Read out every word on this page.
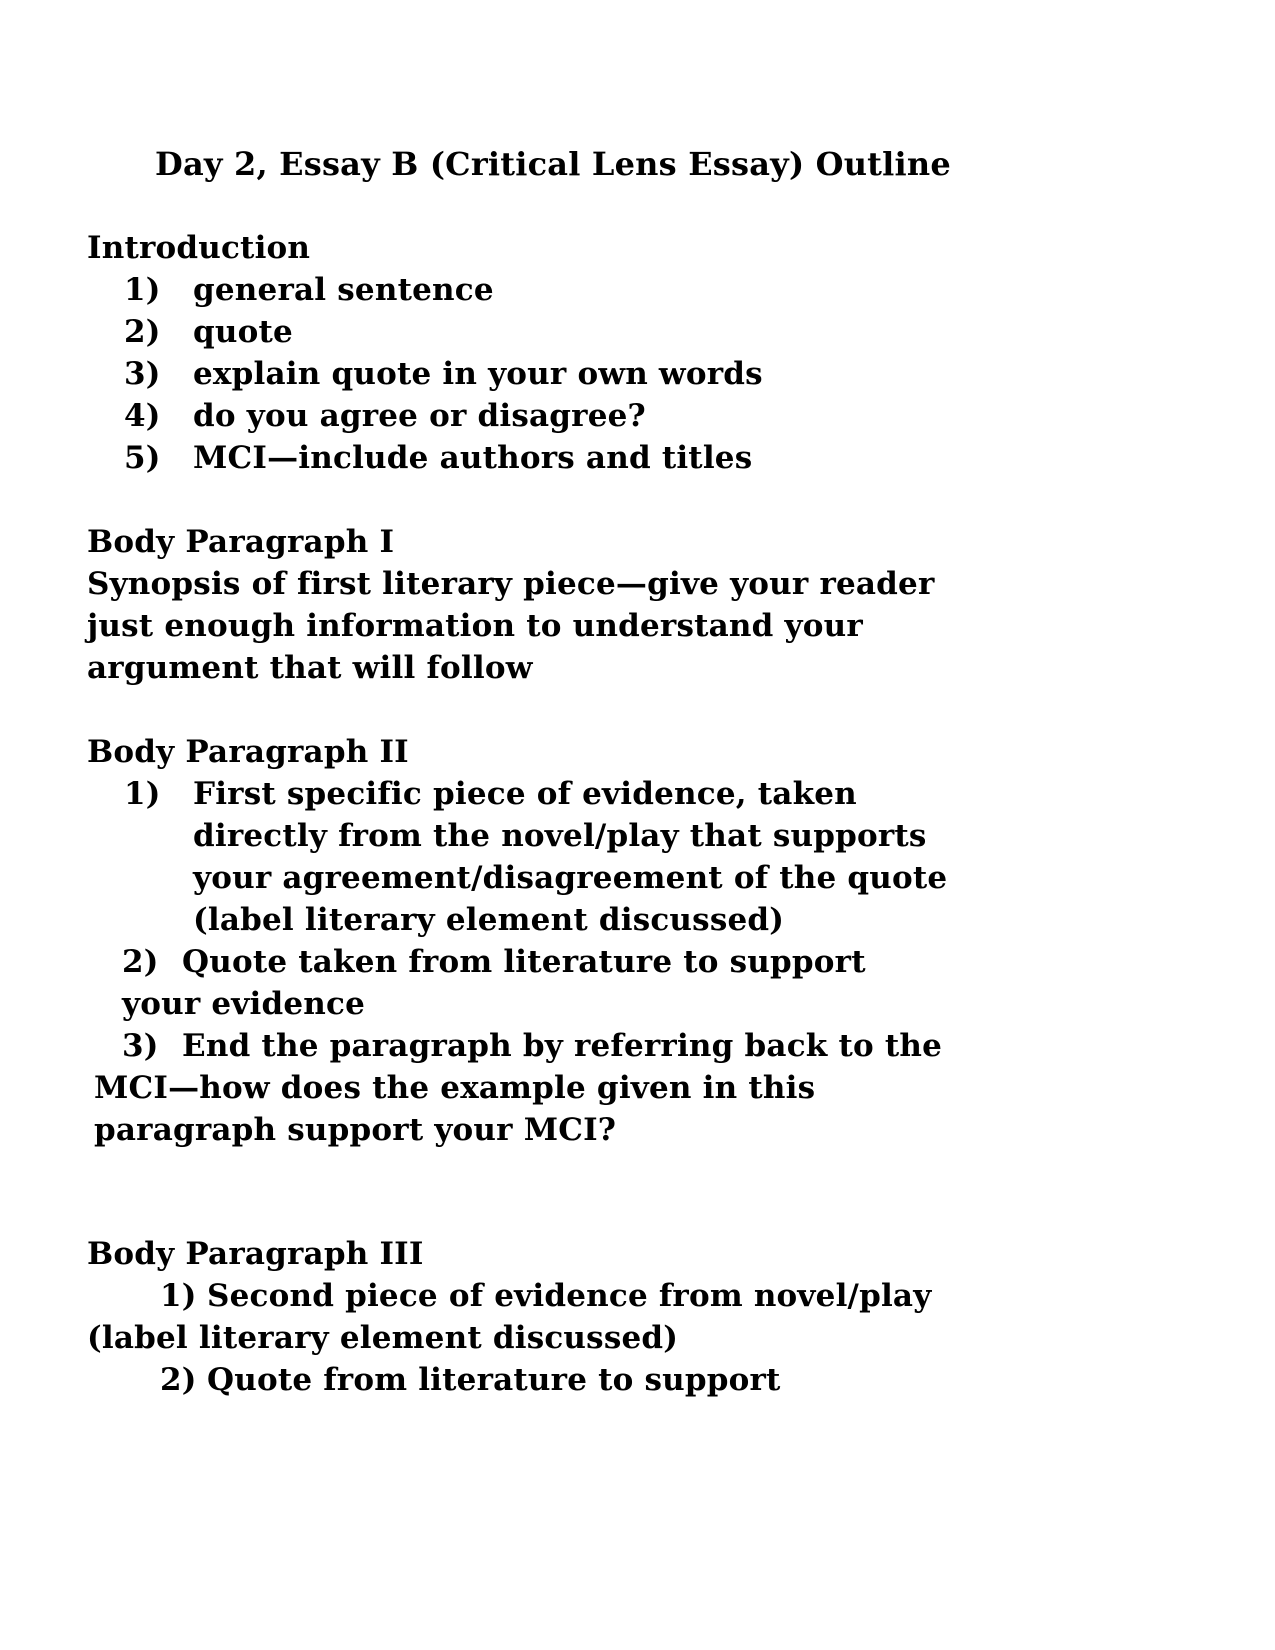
Day 2, Essay B (Critical Lens Essay) Outline
Introduction
1) general sentence
2) quote
3) explain quote in your own words
4) do you agree or disagree?
5) MCI—include authors and titles
Body Paragraph I
Synopsis of first literary piece—give your reader
just enough information to understand your
argument that will follow
Body Paragraph II
1) First specific piece of evidence, taken
directly from the novel/play that supports
your agreement/disagreement of the quote
(label literary element discussed)
2) Quote taken from literature to support
your evidence
3) End the paragraph by referring back to the
MCI—how does the example given in this
paragraph support your MCI?
Body Paragraph III
1) Second piece of evidence from novel/play
(label literary element discussed)
2) Quote from literature to support
